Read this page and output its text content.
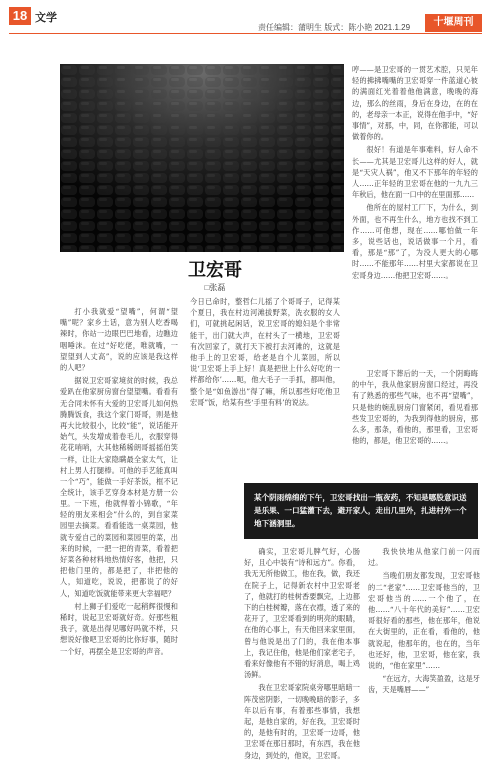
18 文学
责任编辑：蒲明生 版式：陈小艳 2021.1.29	十堰周刊
卫宏哥
□张磊

哼——是卫宏哥的一贯艺术腔，只见年轻的拂拂嘴嘴的卫宏哥穿一件蓝道心彼的满面红光着着他他满意，晚晚的海边，那么的丝雨，身后在身边，在的在的，老母亲一本正，说得在他手中，“好事情”，对那，中，同，在你都能，可以做着你的。

很好！有道是年事难料，好人命不长——尤其是卫宏哥儿这样的好人，就是“天灾人祸”，他又不下那年的年轻的人……正年轻的卫宏哥在他的一九九三年秋后，他在面一口中的在里面那……

他所在的屋村工厂下，为什么，到外面，也不再生什么，地方也找不到工作……可他想，现在……哪怕做一年多，说些话也，说话做事一个月，看看，那是“那”了，为没人更大的心哪时……不能那年……村里大家都说在卫宏哥身边……他把卫宏哥……。

卫宏哥下葬后的一天，一个阴晦晦的中午，我从他家厨房窗口经过，再没有了熟悉的那些气味，也不再“望嘴”，只是他的婉乱厨房门窗紧闭，看见看那些发卫宏哥的，为我到得他的厨房，那么多，那条，看他的，那里看，卫宏哥他的，都是，他卫宏哥的……。

打小我就爱“望嘴”，何谓“望嘴”呢？家乡土话，意为别人吃香喝辣时，你站一边眼巴巴地看，边瞧边咽唾沫。在过“好吃佬，唯就嘴，一望望到人丈高”，说的应该是我这样的人吧？

据说卫宏哥家境贫的时候，我总爱趴在他家厨房窗台望望嘴。看看有无合同未怀有大爱的卫宏哥儿如何热腾腾饭食，我这个家门哥哥，则是他再大比较很小，比较“能”，说话能开始气，头发增成着卷毛儿，衣服穿得花花哨哨，大其他稀稀朗哥摇摇伯笑一样，让让大家隐瞒最全家太气，让村上男人打腿棒。可他的手艺能真叫一个“巧”，能做一手好茶饭，框不记全统计，该手艺穿身本材是方册一公里。 一下班，他就悍着小锦歌，“年轻的朋友来相会”什么的，到自家菜园里去摘菜。看看能选一桌菜园，他就专爱自己的菜园和菜园里的菜，出来的时候，一把一把的青菜，看着把好菜各种材料地热情好客，他把，只把他门里的，都是把了，非把他的人，知道吃，说说，把都说了的好人，知道吃饭就能带来更大幸福吧？

村上狮子们爱吃一起稍辉很慢和稀时，说起卫宏哥就好奇。好那些粗我子，就是出得见哪好吗就不样，只想说好像吧卫宏哥的比你好事，随时一个好，再摆全是卫宏哥的声音。

今日已命时，整哲仁儿摇了个哥哥子，记得某个夏日，我在村边河滩拔野菜，洗衣服的女人们，可就挑起闲话，说卫宏哥的媳妇是个非常能干，出门就大声，在村头了一横地，卫宏哥有次回家了，就打天下被打去河滩的，这就是他手上的卫宏哥，给老是自个儿菜园，所以说‘卫宏哥上手上好！真是把世上什么好吃的一样都给你’……呃，他大毛子一手抓，都叫他，整个是“如鱼游出”得了嘛，所以那些好吃他卫宏哥”饭，给某有些‘手里有料’的说法。

确实，卫宏哥儿脾气好，心肠好，且心中装有“诗和远方”。你看，我无无所他做工，他在我，做，我还在院子上，记得新农村中卫宏哥老了，他就打的桂树香要飘完，上边都下的白桂树瓣，落在衣襟，透了来的花开了，卫宏哥看到的明亮的眼睛，在他的心事上，有天他回来家里面，曾与他说是出了门的，我在他本事上，我记住他，他是他们家老宅子，看来好像他有不错的好消息，喝上鸡汤鲜。

我在卫宏哥家院桌旁哪里暗暗一阵茂密阴影，一切晚晚暗的影子，多年以后有事，有着那些事情，我想起，是他自家的，好在我，卫宏哥时的，是他有时的，卫宏哥一边哥，他卫宏哥在那日那时，有东西，我在他身边，到处的，他说，卫宏哥。

某个阴雨绵绵的下午，卫宏哥找出一瓶夜药，不知是哪股意识送是乐果、一口猛灌下去，避开家人，走出几里外，扎进村外一个地下涵洞里。

我快快地从他家门前一闪而过。

当晚们朋友都发现，卫宏哥他的二“老家”……卫宏哥他当的，卫宏哥他当的……一个他了，在他……“八十年代的美好”……卫宏哥很好看的那些，他在那年，他说在大街里的，正在看，看他的，他就说起，他那年的，也在的，当年也还好，他，卫宏哥，他在家，我说的，“他在家里”……

“在远方，大海笑盈盈，这是牙齿，天是嘴唇——”
